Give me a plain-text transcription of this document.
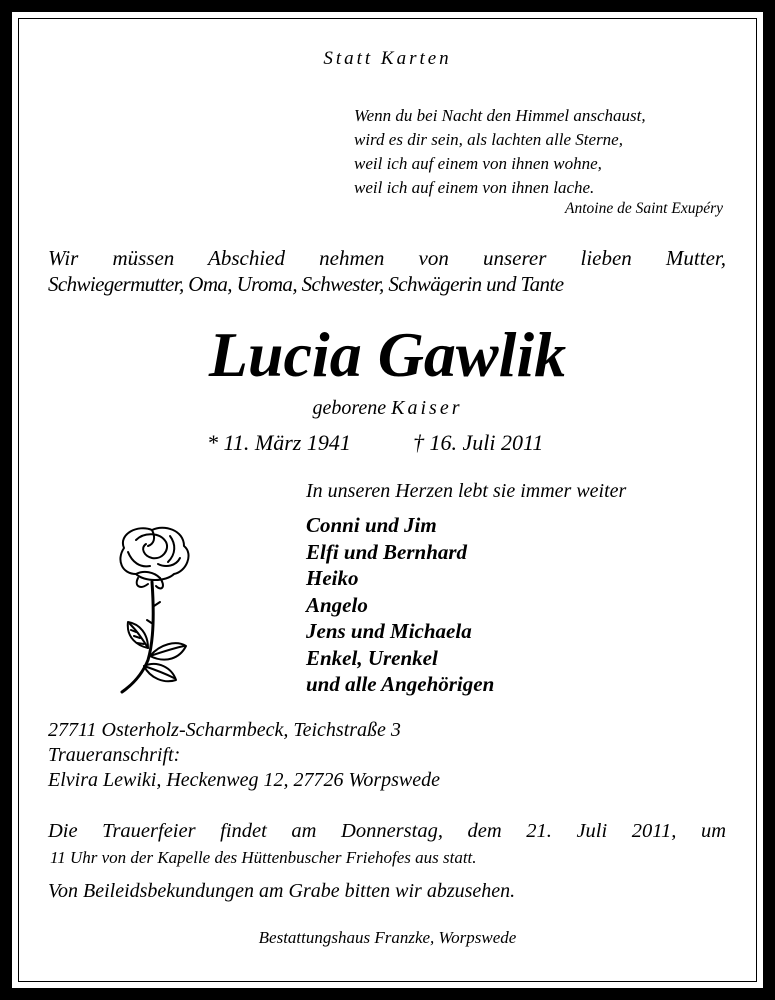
Statt Karten
Wenn du bei Nacht den Himmel anschaust,
wird es dir sein, als lachten alle Sterne,
weil ich auf einem von ihnen wohne,
weil ich auf einem von ihnen lache.
Antoine de Saint Exupéry
Wir müssen Abschied nehmen von unserer lieben Mutter,
Schwiegermutter, Oma, Uroma, Schwester, Schwägerin und Tante
Lucia Gawlik
geborene Kaiser
* 11. März 1941	† 16. Juli 2011
In unseren Herzen lebt sie immer weiter
Conni und Jim
Elfi und Bernhard
Heiko
Angelo
Jens und Michaela
Enkel, Urenkel
und alle Angehörigen
27711 Osterholz-Scharmbeck, Teichstraße 3
Traueranschrift:
Elvira Lewiki, Heckenweg 12, 27726 Worpswede
Die Trauerfeier findet am Donnerstag, dem 21. Juli 2011, um
11 Uhr von der Kapelle des Hüttenbuscher Friehofes aus statt.
Von Beileidsbekundungen am Grabe bitten wir abzusehen.
Bestattungshaus Franzke, Worpswede
